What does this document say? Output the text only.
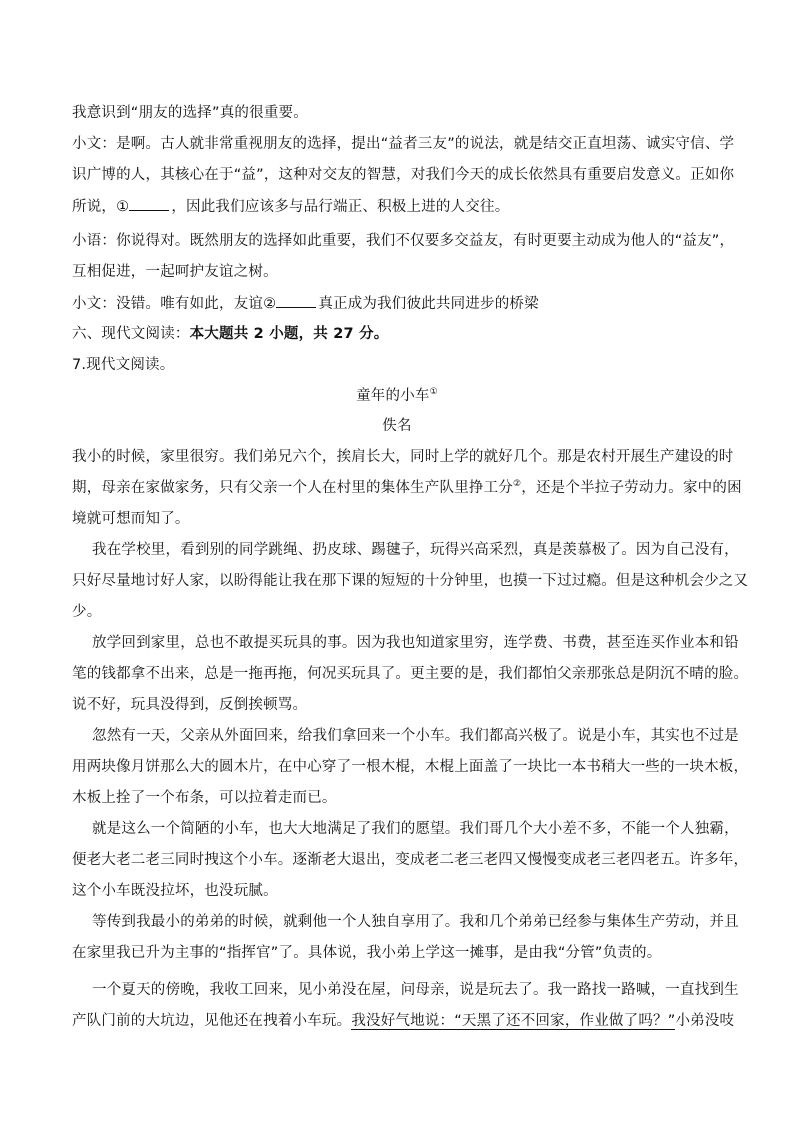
我意识到“朋友的选择”真的很重要。
小文：是啊。古人就非常重视朋友的选择，提出“益者三友”的说法，就是结交正直坦荡、诚实守信、学
识广博的人，其核心在于“益”，这种对交友的智慧，对我们今天的成长依然具有重要启发意义。正如你
所说，①	，因此我们应该多与品行端正、积极上进的人交往。
小语：你说得对。既然朋友的选择如此重要，我们不仅要多交益友，有时更要主动成为他人的“益友”，
互相促进，一起呵护友谊之树。
小文：没错。唯有如此，友谊②	真正成为我们彼此共同进步的桥梁
六、现代文阅读：本大题共 2 小题，共 27 分。
7.现代文阅读。
童年的小车①
佚名
我小的时候，家里很穷。我们弟兄六个，挨肩长大，同时上学的就好几个。那是农村开展生产建设的时
期，母亲在家做家务，只有父亲一个人在村里的集体生产队里挣工分②，还是个半拉子劳动力。家中的困
境就可想而知了。
我在学校里，看到别的同学跳绳、扔皮球、踢毽子，玩得兴高采烈，真是羡慕极了。因为自己没有，
只好尽量地讨好人家，以盼得能让我在那下课的短短的十分钟里，也摸一下过过瘾。但是这种机会少之又
少。
放学回到家里，总也不敢提买玩具的事。因为我也知道家里穷，连学费、书费，甚至连买作业本和铅
笔的钱都拿不出来，总是一拖再拖，何况买玩具了。更主要的是，我们都怕父亲那张总是阴沉不晴的脸。
说不好，玩具没得到，反倒挨顿骂。
忽然有一天，父亲从外面回来，给我们拿回来一个小车。我们都高兴极了。说是小车，其实也不过是
用两块像月饼那么大的圆木片，在中心穿了一根木棍，木棍上面盖了一块比一本书稍大一些的一块木板，
木板上拴了一个布条，可以拉着走而已。
就是这么一个简陋的小车，也大大地满足了我们的愿望。我们哥几个大小差不多，不能一个人独霸，
便老大老二老三同时拽这个小车。逐渐老大退出，变成老二老三老四又慢慢变成老三老四老五。许多年，
这个小车既没拉坏，也没玩腻。
等传到我最小的弟弟的时候，就剩他一个人独自享用了。我和几个弟弟已经参与集体生产劳动，并且
在家里我已升为主事的“指挥官”了。具体说，我小弟上学这一摊事，是由我“分管”负责的。
一个夏天的傍晚，我收工回来，见小弟没在屋，问母亲，说是玩去了。我一路找一路喊，一直找到生
产队门前的大坑边，见他还在拽着小车玩。我没好气地说：“天黑了还不回家，作业做了吗？”小弟没吱
